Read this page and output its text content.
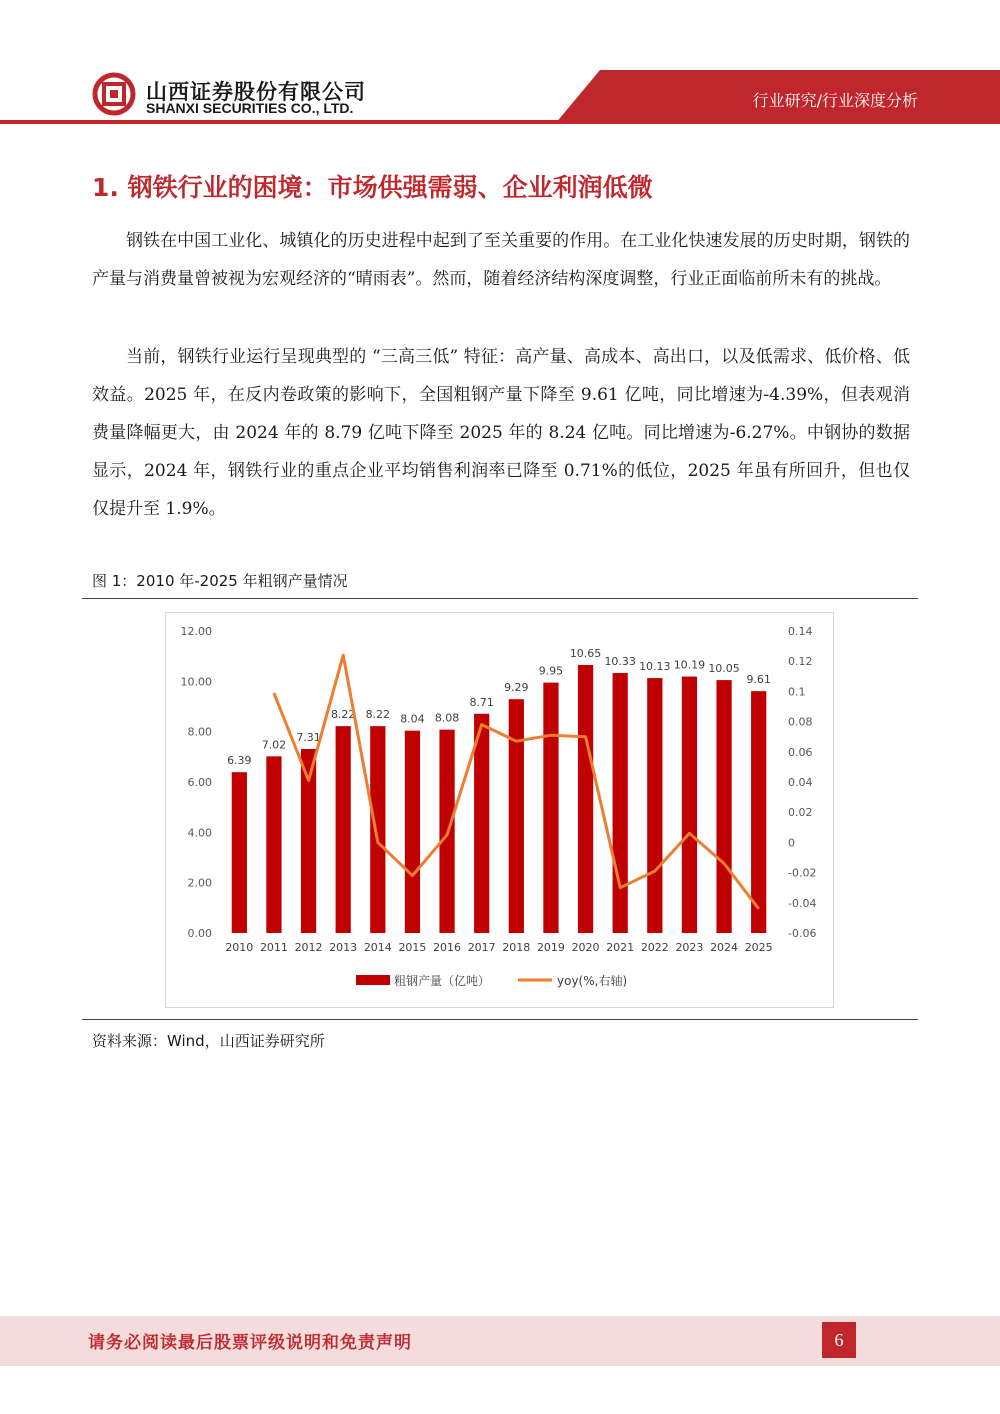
山西证券股份有限公司
SHANXI SECURITIES CO., LTD.	行业研究/行业深度分析
1. 钢铁行业的困境：市场供强需弱、企业利润低微

钢铁在中国工业化、城镇化的历史进程中起到了至关重要的作用。在工业化快速发展的历史时期，钢铁的产量与消费量曾被视为宏观经济的“晴雨表”。然而，随着经济结构深度调整，行业正面临前所未有的挑战。

当前，钢铁行业运行呈现典型的 “三高三低” 特征：高产量、高成本、高出口，以及低需求、低价格、低效益。2025 年，在反内卷政策的影响下，全国粗钢产量下降至 9.61 亿吨，同比增速为-4.39%，但表观消费量降幅更大，由 2024 年的 8.79 亿吨下降至 2025 年的 8.24 亿吨。同比增速为-6.27%。中钢协的数据显示，2024 年，钢铁行业的重点企业平均销售利润率已降至 0.71%的低位，2025 年虽有所回升，但也仅仅提升至 1.9%。

图 1：2010 年-2025 年粗钢产量情况
0.00
2.00
4.00
6.00
8.00
10.00
12.00
-0.06
-0.04
-0.02
0
0.02
0.04
0.06
0.08
0.1
0.12
0.14
6.39
2010
7.02
2011
7.31
2012
8.22
2013
8.22
2014
8.04
2015
8.08
2016
8.71
2017
9.29
2018
9.95
2019
10.65
2020
10.33
2021
10.13
2022
10.19
2023
10.05
2024
9.61
2025
粗钢产量（亿吨）	yoy(%,右轴)
资料来源：Wind，山西证券研究所
请务必阅读最后股票评级说明和免责声明	6
